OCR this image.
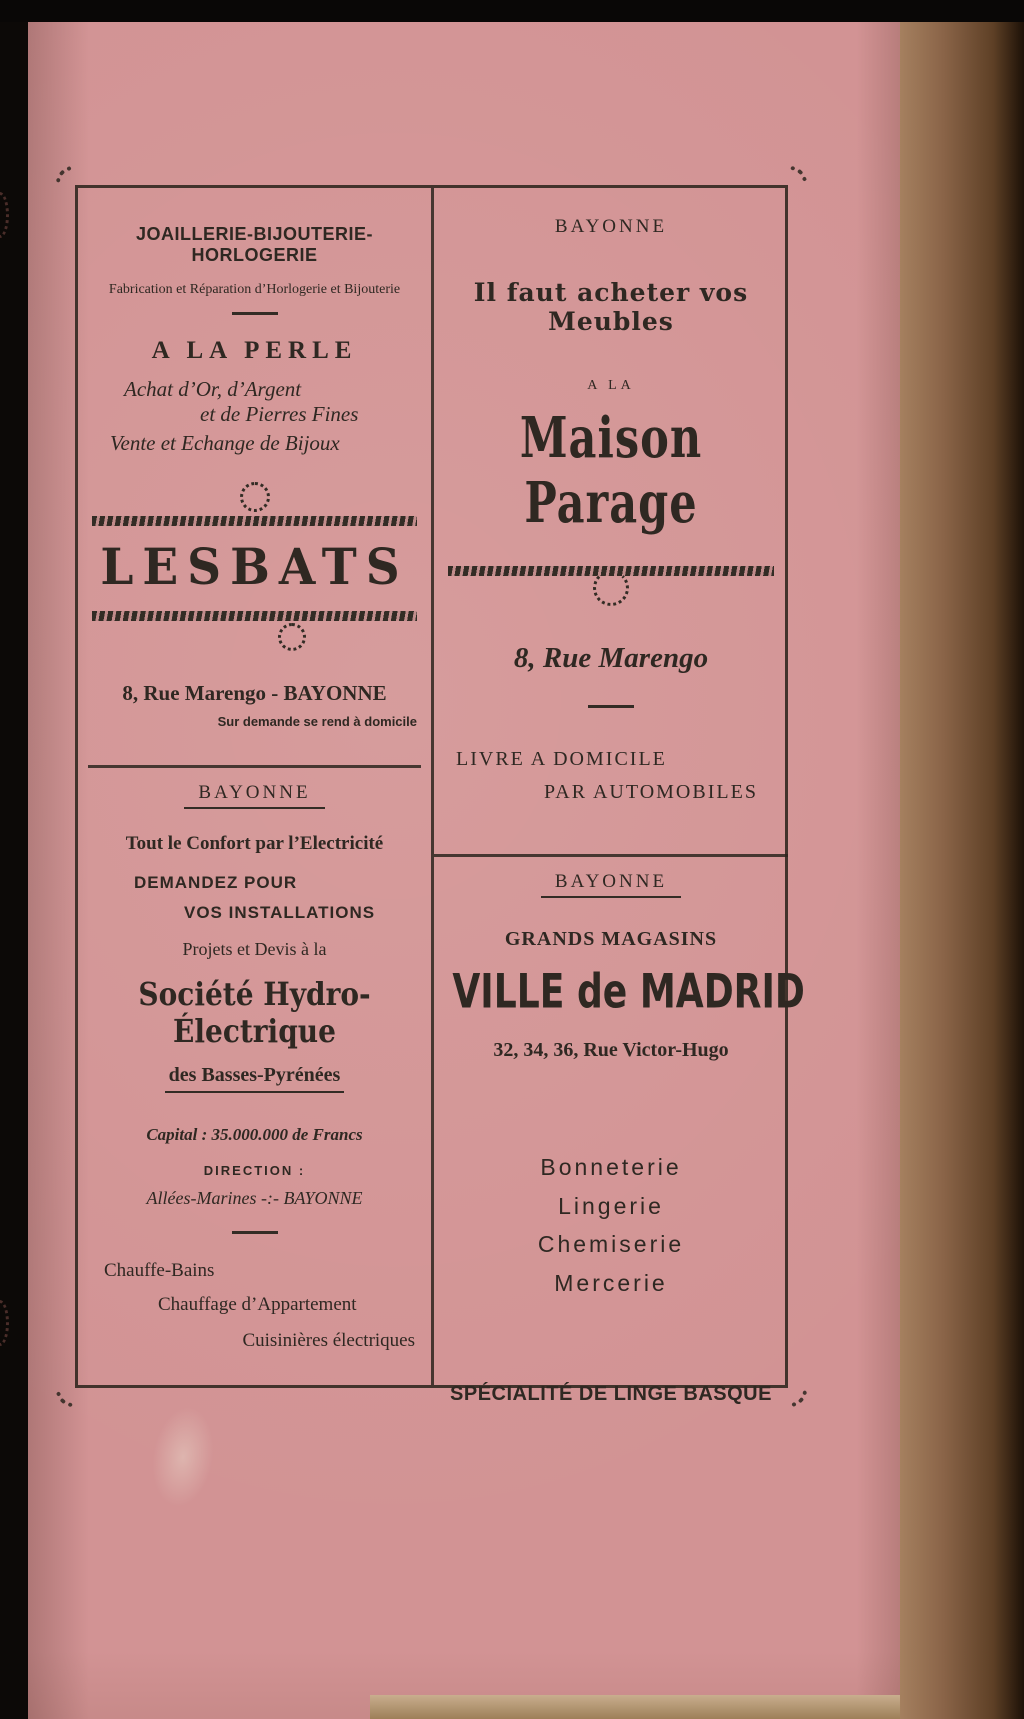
JOAILLERIE-BIJOUTERIE-HORLOGERIE
Fabrication et Réparation d’Horlogerie et Bijouterie
A LA PERLE
Achat d’Or, d’Argent
et de Pierres Fines
Vente et Echange de Bijoux
LESBATS
8, Rue Marengo - BAYONNE
Sur demande se rend à domicile
BAYONNE
Tout le Confort par l’Electricité
DEMANDEZ POUR
VOS INSTALLATIONS
Projets et Devis à la
Société Hydro-Électrique
des Basses-Pyrénées
Capital : 35.000.000 de Francs
DIRECTION :
Allées-Marines -:- BAYONNE
Chauffe-Bains
Chauffage d’Appartement
Cuisinières électriques
BAYONNE
Il faut acheter vos Meubles
A LA
Maison Parage
8, Rue Marengo
LIVRE A DOMICILE
PAR AUTOMOBILES
BAYONNE
GRANDS MAGASINS
VILLE de MADRID
32, 34, 36, Rue Victor-Hugo
Bonneterie
Lingerie
Chemiserie
Mercerie
SPÉCIALITÉ DE LINGE BASQUE
